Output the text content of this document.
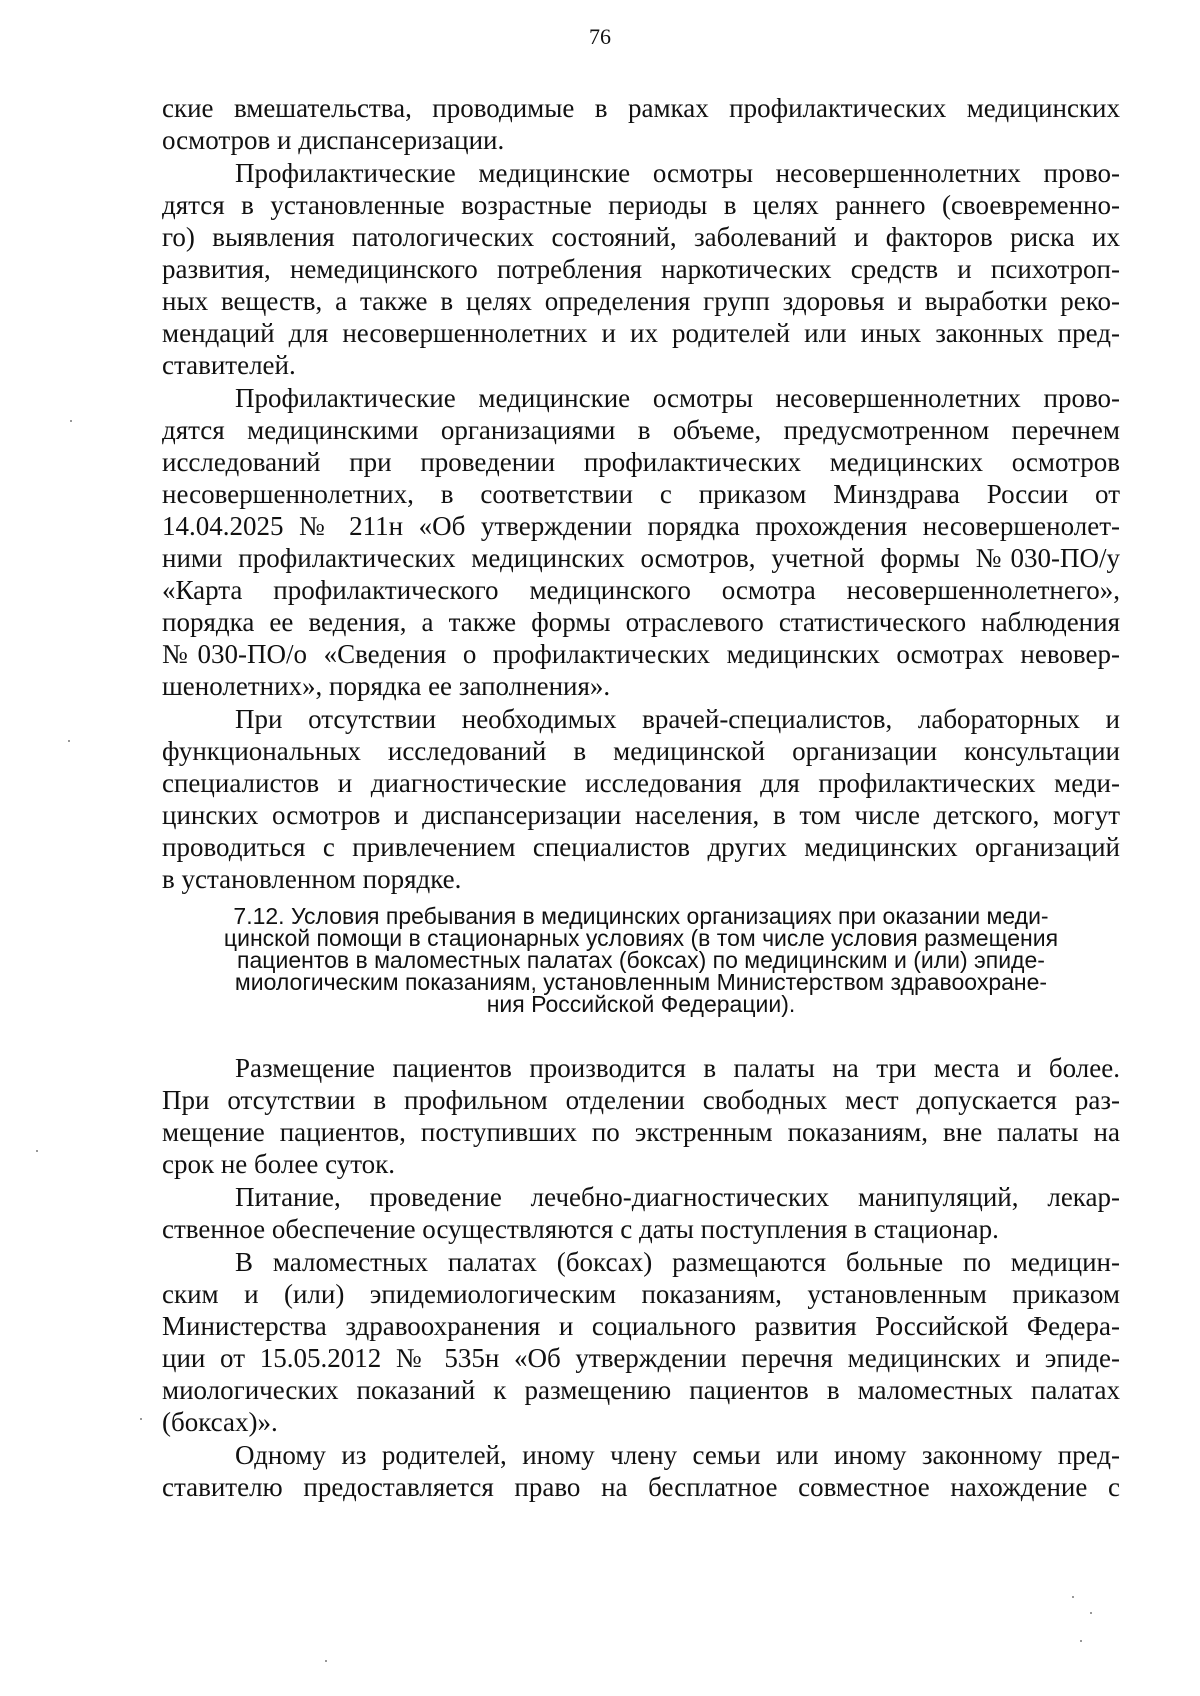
76
ские вмешательства, проводимые в рамках профилактических медицинских
осмотров и диспансеризации.
Профилактические медицинские осмотры несовершеннолетних прово-
дятся в установленные возрастные периоды в целях раннего (своевременно-
го) выявления патологических состояний, заболеваний и факторов риска их
развития, немедицинского потребления наркотических средств и психотроп-
ных веществ, а также в целях определения групп здоровья и выработки реко-
мендаций для несовершеннолетних и их родителей или иных законных пред-
ставителей.
Профилактические медицинские осмотры несовершеннолетних прово-
дятся медицинскими организациями в объеме, предусмотренном перечнем
исследований при проведении профилактических медицинских осмотров
несовершеннолетних, в соответствии с приказом Минздрава России от
14.04.2025 № 211н «Об утверждении порядка прохождения несовершенолет-
ними профилактических медицинских осмотров, учетной формы №030-ПО/у
«Карта профилактического медицинского осмотра несовершеннолетнего»,
порядка ее ведения, а также формы отраслевого статистического наблюдения
№030-ПО/о «Сведения о профилактических медицинских осмотрах невовер-
шенолетних», порядка ее заполнения».
При отсутствии необходимых врачей-специалистов, лабораторных и
функциональных исследований в медицинской организации консультации
специалистов и диагностические исследования для профилактических меди-
цинских осмотров и диспансеризации населения, в том числе детского, могут
проводиться с привлечением специалистов других медицинских организаций
в установленном порядке.
7.12. Условия пребывания в медицинских организациях при оказании меди-
цинской помощи в стационарных условиях (в том числе условия размещения
пациентов в маломестных палатах (боксах) по медицинским и (или) эпиде-
миологическим показаниям, установленным Министерством здравоохране-
ния Российской Федерации).
Размещение пациентов производится в палаты на три места и более.
При отсутствии в профильном отделении свободных мест допускается раз-
мещение пациентов, поступивших по экстренным показаниям, вне палаты на
срок не более суток.
Питание, проведение лечебно-диагностических манипуляций, лекар-
ственное обеспечение осуществляются с даты поступления в стационар.
В маломестных палатах (боксах) размещаются больные по медицин-
ским и (или) эпидемиологическим показаниям, установленным приказом
Министерства здравоохранения и социального развития Российской Федера-
ции от 15.05.2012 № 535н «Об утверждении перечня медицинских и эпиде-
миологических показаний к размещению пациентов в маломестных палатах
(боксах)».
Одному из родителей, иному члену семьи или иному законному пред-
ставителю предоставляется право на бесплатное совместное нахождение с
